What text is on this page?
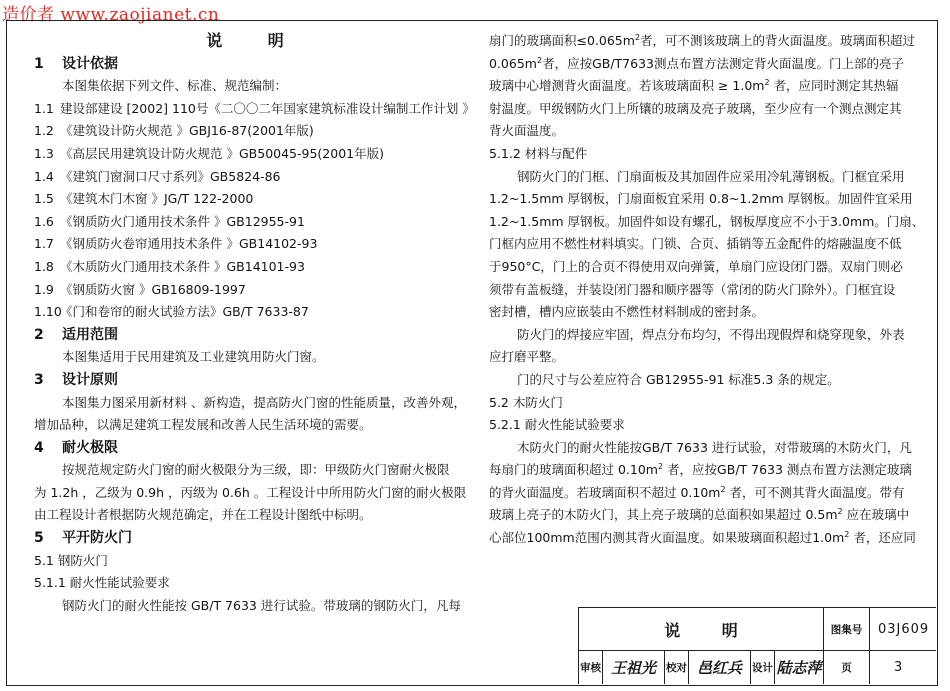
造价者 www.zaojianet.cn
说 明
1 设计依据
本图集依据下列文件、标准、规范编制：
1.1 建设部建设 [2002] 110号《二〇〇二年国家建筑标准设计编制工作计划 》
1.2 《建筑设计防火规范 》GBJ16-87(2001年版)
1.3 《高层民用建筑设计防火规范 》GB50045-95(2001年版)
1.4 《建筑门窗洞口尺寸系列》GB5824-86
1.5 《建筑木门木窗 》JG/T 122-2000
1.6 《钢质防火门通用技术条件 》GB12955-91
1.7 《钢质防火卷帘通用技术条件 》GB14102-93
1.8 《木质防火门通用技术条件 》GB14101-93
1.9 《钢质防火窗 》GB16809-1997
1.10《门和卷帘的耐火试验方法》GB/T 7633-87
2 适用范围
本图集适用于民用建筑及工业建筑用防火门窗。
3 设计原则
本图集力图采用新材料 、新构造，提高防火门窗的性能质量，改善外观，
增加品种，以满足建筑工程发展和改善人民生活环境的需要。
4 耐火极限
按规范规定防火门窗的耐火极限分为三级，即：甲级防火门窗耐火极限
为 1.2h ，乙级为 0.9h ，丙级为 0.6h 。工程设计中所用防火门窗的耐火极限
由工程设计者根据防火规范确定，并在工程设计图纸中标明。
5 平开防火门
5.1 钢防火门
5.1.1 耐火性能试验要求
钢防火门的耐火性能按 GB/T 7633 进行试验。带玻璃的钢防火门，凡每
扇门的玻璃面积$\le 0.065m^2$者，可不测该玻璃上的背火面温度。玻璃面积超过
$0.065m^2$者，应按GB/T7633测点布置方法测定背火面温度。门上部的亮子
玻璃中心增测背火面温度。若该玻璃面积 ≥ $1.0m^2$ 者，应同时测定其热辐
射温度。甲级钢防火门上所镶的玻璃及亮子玻璃，至少应有一个测点测定其
背火面温度。
5.1.2 材料与配件
钢防火门的门框、门扇面板及其加固件应采用冷轧薄钢板。门框宜采用
1.2~1.5mm 厚钢板，门扇面板宜采用 0.8~1.2mm 厚钢板。加固件宜采用
1.2~1.5mm 厚钢板。加固件如设有螺孔，钢板厚度应不小于3.0mm。门扇、
门框内应用不燃性材料填实。门锁、合页、插销等五金配件的熔融温度不低
于950°C，门上的合页不得使用双向弹簧，单扇门应设闭门器。双扇门则必
须带有盖板缝，并装设闭门器和顺序器等（常闭的防火门除外）。门框宜设
密封槽，槽内应嵌装由不燃性材料制成的密封条。
防火门的焊接应牢固，焊点分布均匀，不得出现假焊和烧穿现象，外表
应打磨平整。
门的尺寸与公差应符合 GB12955-91 标准5.3 条的规定。
5.2 木防火门
5.2.1 耐火性能试验要求
木防火门的耐火性能按GB/T 7633 进行试验，对带玻璃的木防火门，凡
每扇门的玻璃面积超过 $0.10m^2$ 者，应按GB/T 7633 测点布置方法测定玻璃
的背火面温度。若玻璃面积不超过 $0.10m^2$ 者，可不测其背火面温度。带有
玻璃上亮子的木防火门，其上亮子玻璃的总面积如果超过 $0.5m^2$ 应在玻璃中
心部位100mm范围内测其背火面温度。如果玻璃面积超过$1.0m^2$ 者，还应同
说 明	图集号	03J609
审核 王祖光 校对 邑红兵 设计 陆志萍	页	3
